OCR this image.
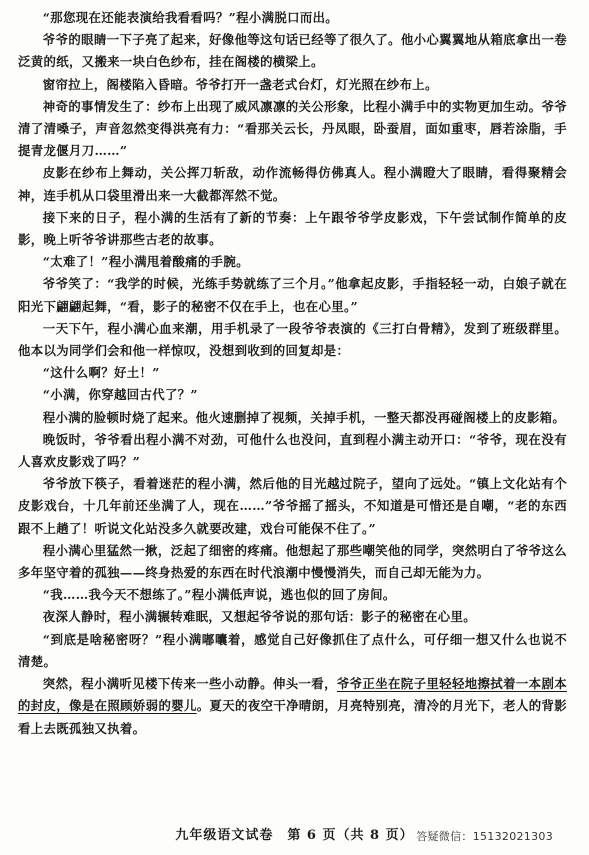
“那您现在还能表演给我看看吗？”程小满脱口而出。

爷爷的眼睛一下子亮了起来，好像他等这句话已经等了很久了。他小心翼翼地从箱底拿出一卷泛黄的纸，又搬来一块白色纱布，挂在阁楼的横梁上。

窗帘拉上，阁楼陷入昏暗。爷爷打开一盏老式台灯，灯光照在纱布上。

神奇的事情发生了：纱布上出现了威风凛凛的关公形象，比程小满手中的实物更加生动。爷爷清了清嗓子，声音忽然变得洪亮有力：“看那关云长，丹凤眼，卧蚕眉，面如重枣，唇若涂脂，手提青龙偃月刀……”

皮影在纱布上舞动，关公挥刀斩敌，动作流畅得仿佛真人。程小满瞪大了眼睛，看得聚精会神，连手机从口袋里滑出来一大截都浑然不觉。

接下来的日子，程小满的生活有了新的节奏：上午跟爷爷学皮影戏，下午尝试制作简单的皮影，晚上听爷爷讲那些古老的故事。

“太难了！”程小满甩着酸痛的手腕。

爷爷笑了：“我学的时候，光练手势就练了三个月。”他拿起皮影，手指轻轻一动，白娘子就在阳光下翩翩起舞，“看，影子的秘密不仅在手上，也在心里。”

一天下午，程小满心血来潮，用手机录了一段爷爷表演的《三打白骨精》，发到了班级群里。他本以为同学们会和他一样惊叹，没想到收到的回复却是：

“这什么啊？好土！”

“小满，你穿越回古代了？”

程小满的脸顿时烧了起来。他火速删掉了视频，关掉手机，一整天都没再碰阁楼上的皮影箱。

晚饭时，爷爷看出程小满不对劲，可他什么也没问，直到程小满主动开口：“爷爷，现在没有人喜欢皮影戏了吗？”

爷爷放下筷子，看着迷茫的程小满，然后他的目光越过院子，望向了远处。“镇上文化站有个皮影戏台，十几年前还坐满了人，现在……”爷爷摇了摇头，不知道是可惜还是自嘲，“老的东西跟不上趟了！听说文化站没多久就要改建，戏台可能保不住了。”

程小满心里猛然一揪，泛起了细密的疼痛。他想起了那些嘲笑他的同学，突然明白了爷爷这么多年坚守着的孤独——终身热爱的东西在时代浪潮中慢慢消失，而自己却无能为力。

“我……我今天不想练了。”程小满低声说，逃也似的回了房间。

夜深人静时，程小满辗转难眠，又想起爷爷说的那句话：影子的秘密在心里。

“到底是啥秘密呀？”程小满嘟囔着，感觉自己好像抓住了点什么，可仔细一想又什么也说不清楚。

突然，程小满听见楼下传来一些小动静。伸头一看，爷爷正坐在院子里轻轻地擦拭着一本剧本的封皮，像是在照顾娇弱的婴儿。夏天的夜空干净晴朗，月亮特别亮，清冷的月光下，老人的背影看上去既孤独又执着。

九年级语文试卷　第 6 页（共 8 页） 答疑微信：15132021303
